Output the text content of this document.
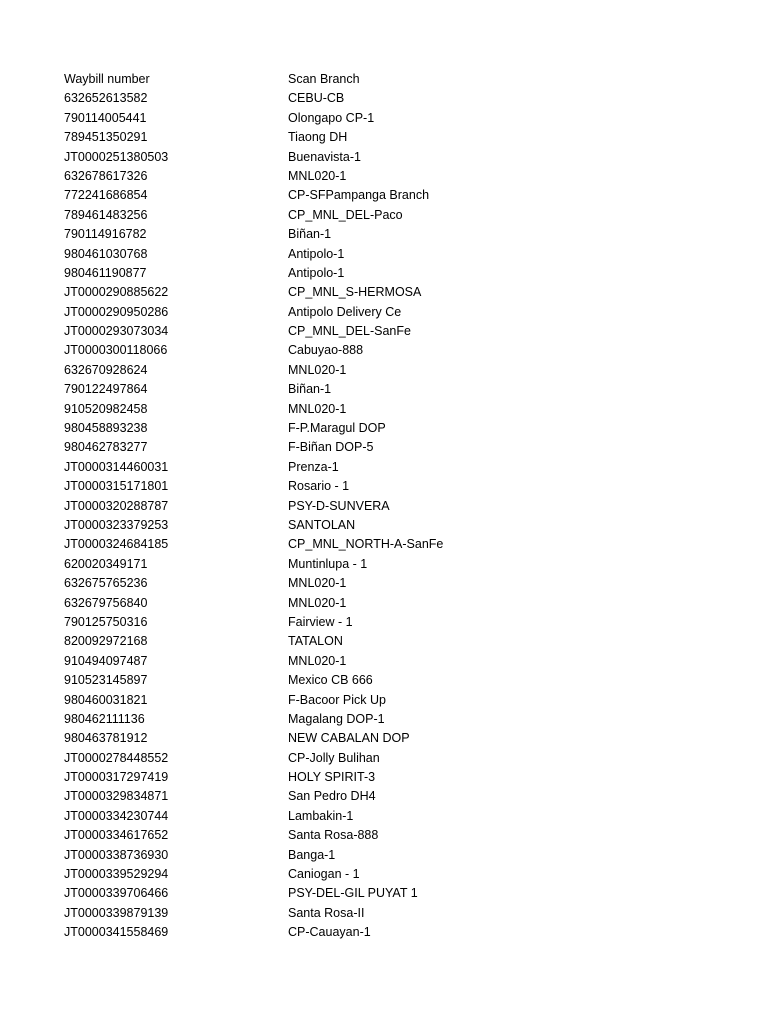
Waybill number	Scan Branch
632652613582	CEBU-CB
790114005441	Olongapo CP-1
789451350291	Tiaong DH
JT0000251380503	Buenavista-1
632678617326	MNL020-1
772241686854	CP-SFPampanga Branch
789461483256	CP_MNL_DEL-Paco
790114916782	Biñan-1
980461030768	Antipolo-1
980461190877	Antipolo-1
JT0000290885622	CP_MNL_S-HERMOSA
JT0000290950286	Antipolo Delivery Ce
JT0000293073034	CP_MNL_DEL-SanFe
JT0000300118066	Cabuyao-888
632670928624	MNL020-1
790122497864	Biñan-1
910520982458	MNL020-1
980458893238	F-P.Maragul DOP
980462783277	F-Biñan DOP-5
JT0000314460031	Prenza-1
JT0000315171801	Rosario - 1
JT0000320288787	PSY-D-SUNVERA
JT0000323379253	SANTOLAN
JT0000324684185	CP_MNL_NORTH-A-SanFe
620020349171	Muntinlupa - 1
632675765236	MNL020-1
632679756840	MNL020-1
790125750316	Fairview - 1
820092972168	TATALON
910494097487	MNL020-1
910523145897	Mexico CB 666
980460031821	F-Bacoor Pick Up
980462111136	Magalang DOP-1
980463781912	NEW CABALAN DOP
JT0000278448552	CP-Jolly Bulihan
JT0000317297419	HOLY SPIRIT-3
JT0000329834871	San Pedro DH4
JT0000334230744	Lambakin-1
JT0000334617652	Santa Rosa-888
JT0000338736930	Banga-1
JT0000339529294	Caniogan - 1
JT0000339706466	PSY-DEL-GIL PUYAT 1
JT0000339879139	Santa Rosa-II
JT0000341558469	CP-Cauayan-1
